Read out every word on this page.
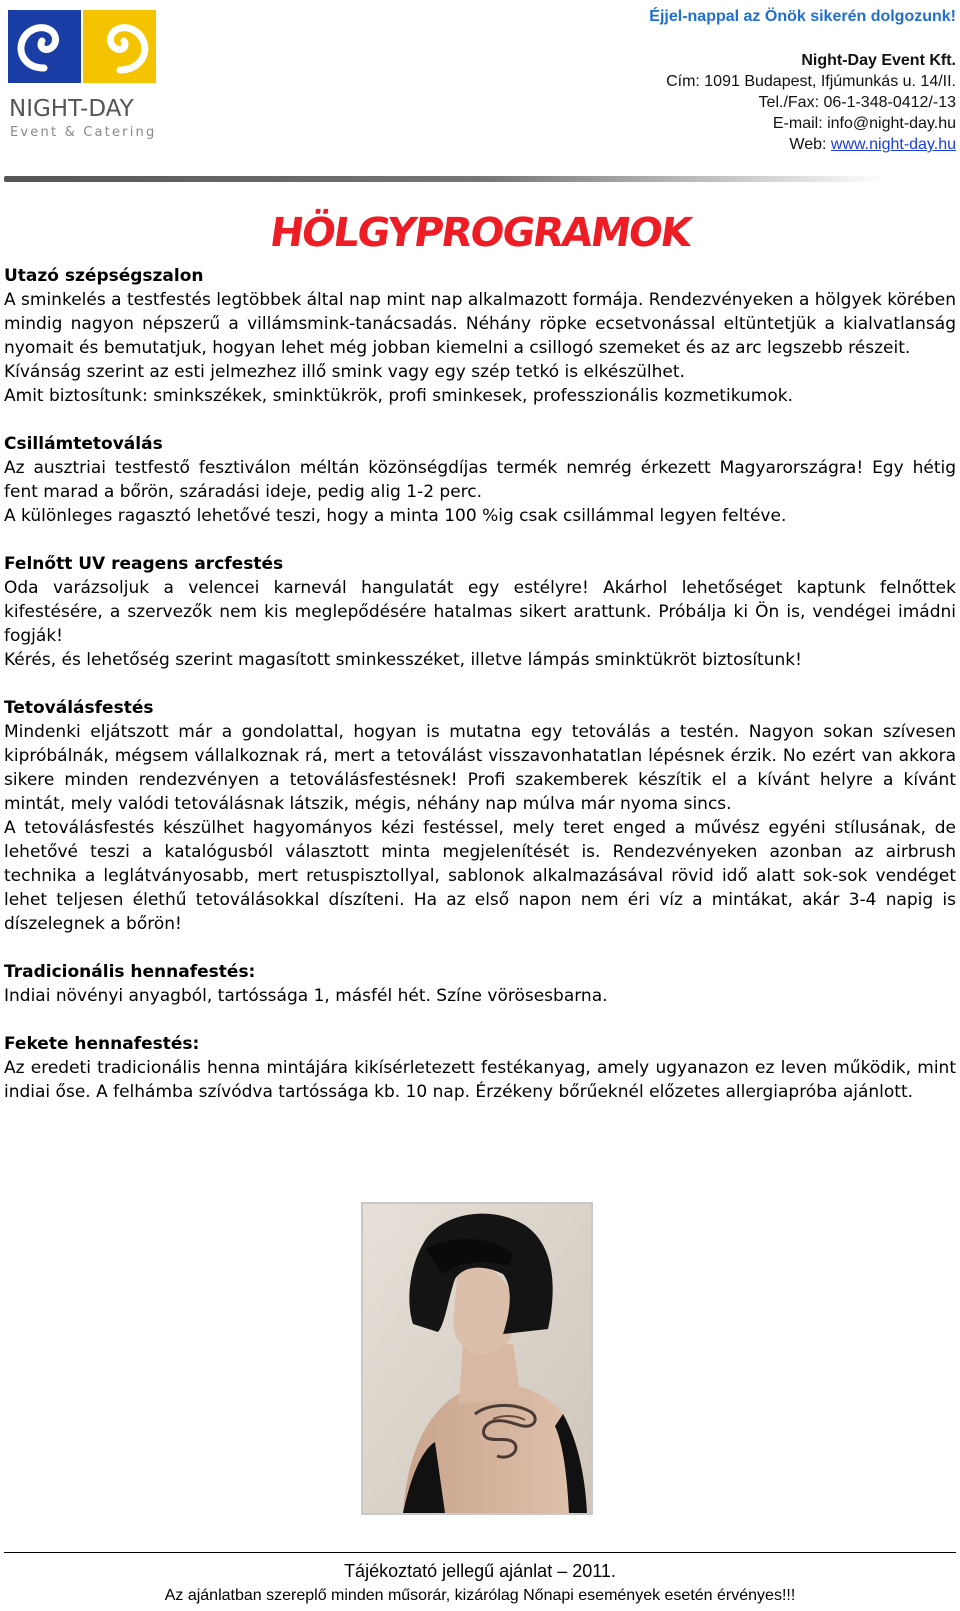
NIGHT-DAY
Event & Catering
Éjjel-nappal az Önök sikerén dolgozunk!
Night-Day Event Kft.
Cím: 1091 Budapest, Ifjúmunkás u. 14/II.
Tel./Fax: 06-1-348-0412/-13
E-mail: info@night-day.hu
Web: www.night-day.hu
HÖLGYPROGRAMOK
Utazó szépségszalon

A sminkelés a testfestés legtöbbek által nap mint nap alkalmazott formája. Rendezvényeken a hölgyek körében mindig nagyon népszerű a villámsmink-tanácsadás. Néhány röpke ecsetvonással eltüntetjük a kialvatlanság nyomait és bemutatjuk, hogyan lehet még jobban kiemelni a csillogó szemeket és az arc legszebb részeit.

Kívánság szerint az esti jelmezhez illő smink vagy egy szép tetkó is elkészülhet.

Amit biztosítunk: sminkszékek, sminktükrök, profi sminkesek, professzionális kozmetikumok.

Csillámtetoválás

Az ausztriai testfestő fesztiválon méltán közönségdíjas termék nemrég érkezett Magyarországra! Egy hétig fent marad a bőrön, száradási ideje, pedig alig 1-2 perc.

A különleges ragasztó lehetővé teszi, hogy a minta 100 %ig csak csillámmal legyen feltéve.

Felnőtt UV reagens arcfestés

Oda varázsoljuk a velencei karnevál hangulatát egy estélyre! Akárhol lehetőséget kaptunk felnőttek kifestésére, a szervezők nem kis meglepődésére hatalmas sikert arattunk. Próbálja ki Ön is, vendégei imádni fogják!

Kérés, és lehetőség szerint magasított sminkesszéket, illetve lámpás sminktükröt biztosítunk!

Tetoválásfestés

Mindenki eljátszott már a gondolattal, hogyan is mutatna egy tetoválás a testén. Nagyon sokan szívesen kipróbálnák, mégsem vállalkoznak rá, mert a tetoválást visszavonhatatlan lépésnek érzik. No ezért van akkora sikere minden rendezvényen a tetoválásfestésnek! Profi szakemberek készítik el a kívánt helyre a kívánt mintát, mely valódi tetoválásnak látszik, mégis, néhány nap múlva már nyoma sincs.

A tetoválásfestés készülhet hagyományos kézi festéssel, mely teret enged a művész egyéni stílusának, de lehetővé teszi a katalógusból választott minta megjelenítését is. Rendezvényeken azonban az airbrush technika a leglátványosabb, mert retuspisztollyal, sablonok alkalmazásával rövid idő alatt sok-sok vendéget lehet teljesen élethű tetoválásokkal díszíteni. Ha az első napon nem éri víz a mintákat, akár 3-4 napig is díszelegnek a bőrön!

Tradicionális hennafestés:

Indiai növényi anyagból, tartóssága 1, másfél hét. Színe vörösesbarna.

Fekete hennafestés:

Az eredeti tradicionális henna mintájára kikísérletezett festékanyag, amely ugyanazon ez leven működik, mint indiai őse. A felhámba szívódva tartóssága kb. 10 nap. Érzékeny bőrűeknél előzetes allergiapróba ajánlott.

Tájékoztató jellegű ajánlat – 2011.
Az ajánlatban szereplő minden műsorár, kizárólag Nőnapi események esetén érvényes!!!
